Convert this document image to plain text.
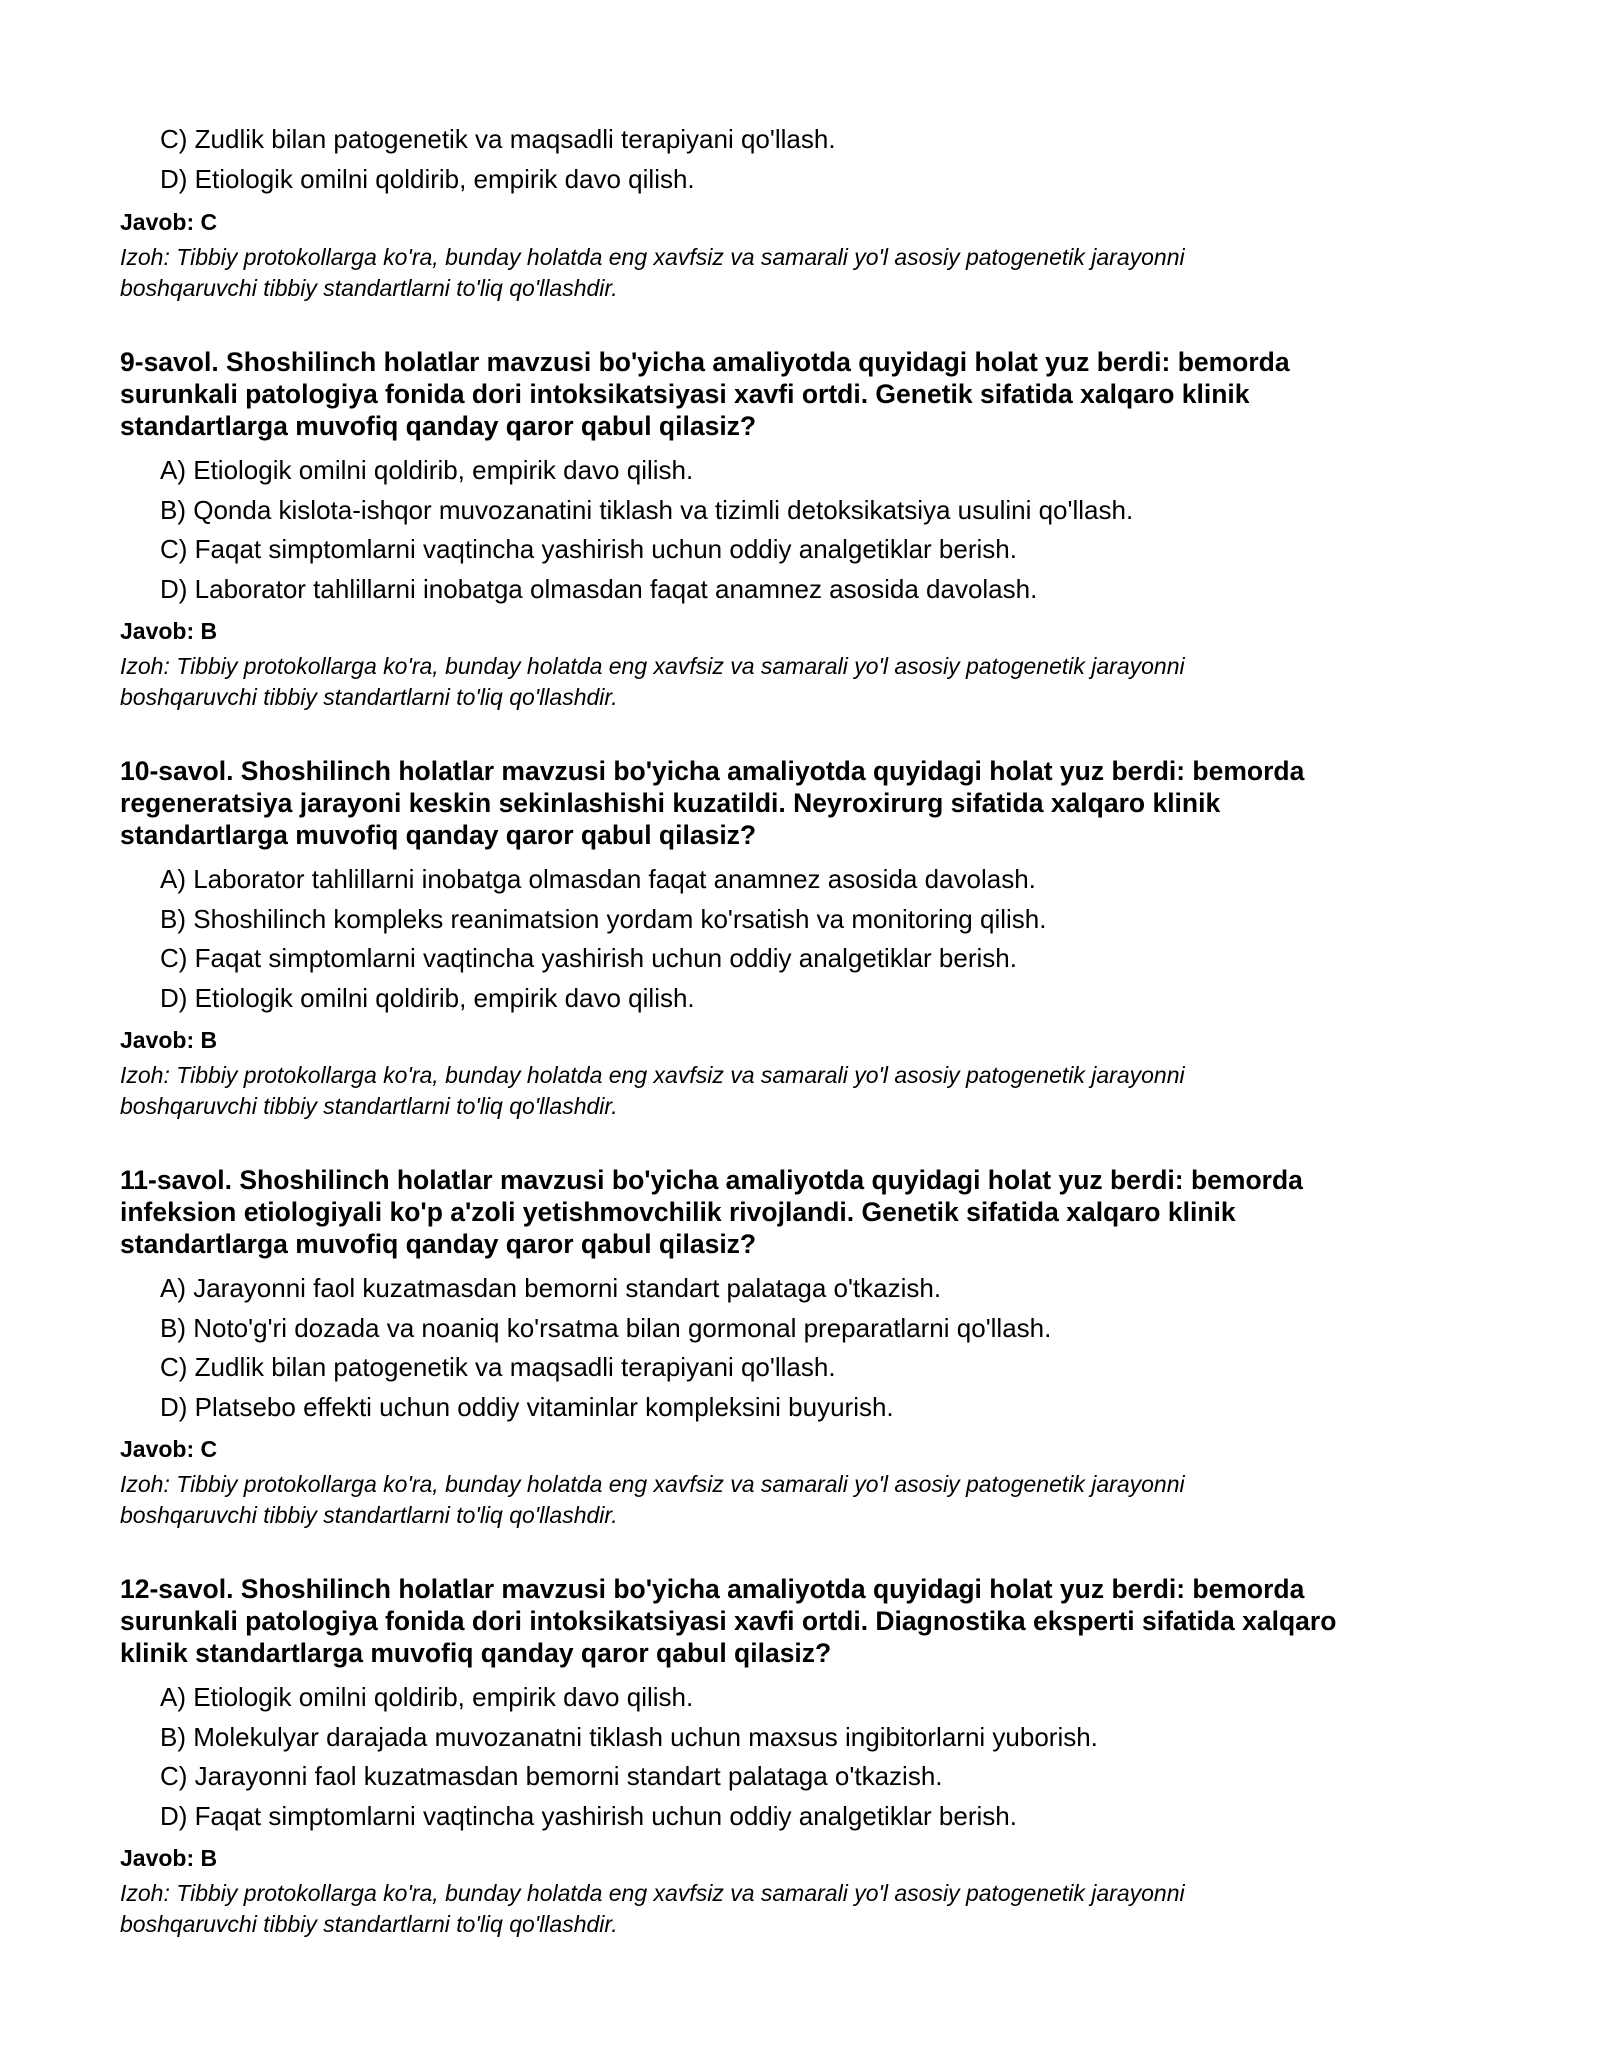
C) Zudlik bilan patogenetik va maqsadli terapiyani qo'llash.
D) Etiologik omilni qoldirib, empirik davo qilish.
Javob: C
Izoh: Tibbiy protokollarga ko'ra, bunday holatda eng xavfsiz va samarali yo'l asosiy patogenetik jarayonni
boshqaruvchi tibbiy standartlarni to'liq qo'llashdir.
9-savol. Shoshilinch holatlar mavzusi bo'yicha amaliyotda quyidagi holat yuz berdi: bemorda
surunkali patologiya fonida dori intoksikatsiyasi xavfi ortdi. Genetik sifatida xalqaro klinik
standartlarga muvofiq qanday qaror qabul qilasiz?
A) Etiologik omilni qoldirib, empirik davo qilish.
B) Qonda kislota-ishqor muvozanatini tiklash va tizimli detoksikatsiya usulini qo'llash.
C) Faqat simptomlarni vaqtincha yashirish uchun oddiy analgetiklar berish.
D) Laborator tahlillarni inobatga olmasdan faqat anamnez asosida davolash.
Javob: B
Izoh: Tibbiy protokollarga ko'ra, bunday holatda eng xavfsiz va samarali yo'l asosiy patogenetik jarayonni
boshqaruvchi tibbiy standartlarni to'liq qo'llashdir.
10-savol. Shoshilinch holatlar mavzusi bo'yicha amaliyotda quyidagi holat yuz berdi: bemorda
regeneratsiya jarayoni keskin sekinlashishi kuzatildi. Neyroxirurg sifatida xalqaro klinik
standartlarga muvofiq qanday qaror qabul qilasiz?
A) Laborator tahlillarni inobatga olmasdan faqat anamnez asosida davolash.
B) Shoshilinch kompleks reanimatsion yordam ko'rsatish va monitoring qilish.
C) Faqat simptomlarni vaqtincha yashirish uchun oddiy analgetiklar berish.
D) Etiologik omilni qoldirib, empirik davo qilish.
Javob: B
Izoh: Tibbiy protokollarga ko'ra, bunday holatda eng xavfsiz va samarali yo'l asosiy patogenetik jarayonni
boshqaruvchi tibbiy standartlarni to'liq qo'llashdir.
11-savol. Shoshilinch holatlar mavzusi bo'yicha amaliyotda quyidagi holat yuz berdi: bemorda
infeksion etiologiyali ko'p a'zoli yetishmovchilik rivojlandi. Genetik sifatida xalqaro klinik
standartlarga muvofiq qanday qaror qabul qilasiz?
A) Jarayonni faol kuzatmasdan bemorni standart palataga o'tkazish.
B) Noto'g'ri dozada va noaniq ko'rsatma bilan gormonal preparatlarni qo'llash.
C) Zudlik bilan patogenetik va maqsadli terapiyani qo'llash.
D) Platsebo effekti uchun oddiy vitaminlar kompleksini buyurish.
Javob: C
Izoh: Tibbiy protokollarga ko'ra, bunday holatda eng xavfsiz va samarali yo'l asosiy patogenetik jarayonni
boshqaruvchi tibbiy standartlarni to'liq qo'llashdir.
12-savol. Shoshilinch holatlar mavzusi bo'yicha amaliyotda quyidagi holat yuz berdi: bemorda
surunkali patologiya fonida dori intoksikatsiyasi xavfi ortdi. Diagnostika eksperti sifatida xalqaro
klinik standartlarga muvofiq qanday qaror qabul qilasiz?
A) Etiologik omilni qoldirib, empirik davo qilish.
B) Molekulyar darajada muvozanatni tiklash uchun maxsus ingibitorlarni yuborish.
C) Jarayonni faol kuzatmasdan bemorni standart palataga o'tkazish.
D) Faqat simptomlarni vaqtincha yashirish uchun oddiy analgetiklar berish.
Javob: B
Izoh: Tibbiy protokollarga ko'ra, bunday holatda eng xavfsiz va samarali yo'l asosiy patogenetik jarayonni
boshqaruvchi tibbiy standartlarni to'liq qo'llashdir.
